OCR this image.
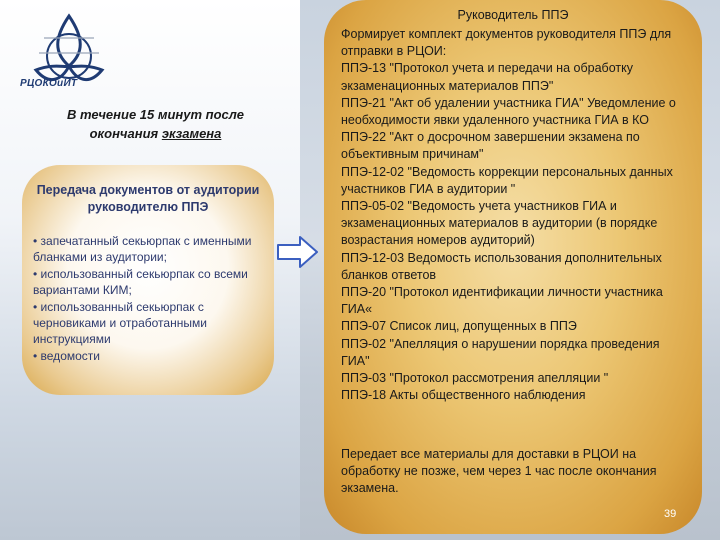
РЦОКОиИТ
В течение 15 минут после окончания экзамена
Передача документов от аудитории руководителю ППЭ
• запечатанный секьюрпак с именными бланками из аудитории;
• использованный секьюрпак со всеми вариантами КИМ;
• использованный секьюрпак с черновиками и отработанными инструкциями
• ведомости
Руководитель ППЭ
Формирует комплект документов руководителя ППЭ для отправки в РЦОИ:
ППЭ-13 "Протокол учета и передачи на обработку экзаменационных материалов ППЭ"
ППЭ-21 "Акт об удалении участника ГИА" Уведомление о необходимости явки удаленного участника ГИА в КО
ППЭ-22 "Акт о досрочном завершении экзамена по объективным причинам"
ППЭ-12-02 "Ведомость коррекции персональных данных участников ГИА в аудитории "
ППЭ-05-02 "Ведомость учета участников ГИА и экзаменационных материалов в аудитории (в порядке возрастания номеров аудиторий)
ППЭ-12-03 Ведомость использования дополнительных бланков ответов
ППЭ-20 "Протокол идентификации личности участника ГИА«
ППЭ-07 Список лиц, допущенных в ППЭ
ППЭ-02 "Апелляция о нарушении порядка проведения ГИА"
ППЭ-03 "Протокол рассмотрения апелляции "
ППЭ-18 Акты общественного наблюдения
Передает все материалы для доставки в РЦОИ на обработку не позже, чем через 1 час после окончания экзамена.
39
